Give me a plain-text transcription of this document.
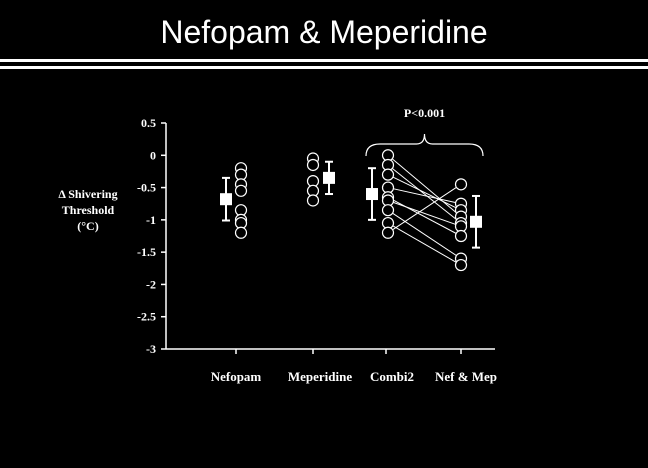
Nefopam & Meperidine
Δ Shivering
Threshold
(°C)
0.5
0
-0.5
-1
-1.5
-2
-2.5
-3
Nefopam Meperidine Combi2 Nef & Mep
P<0.001
